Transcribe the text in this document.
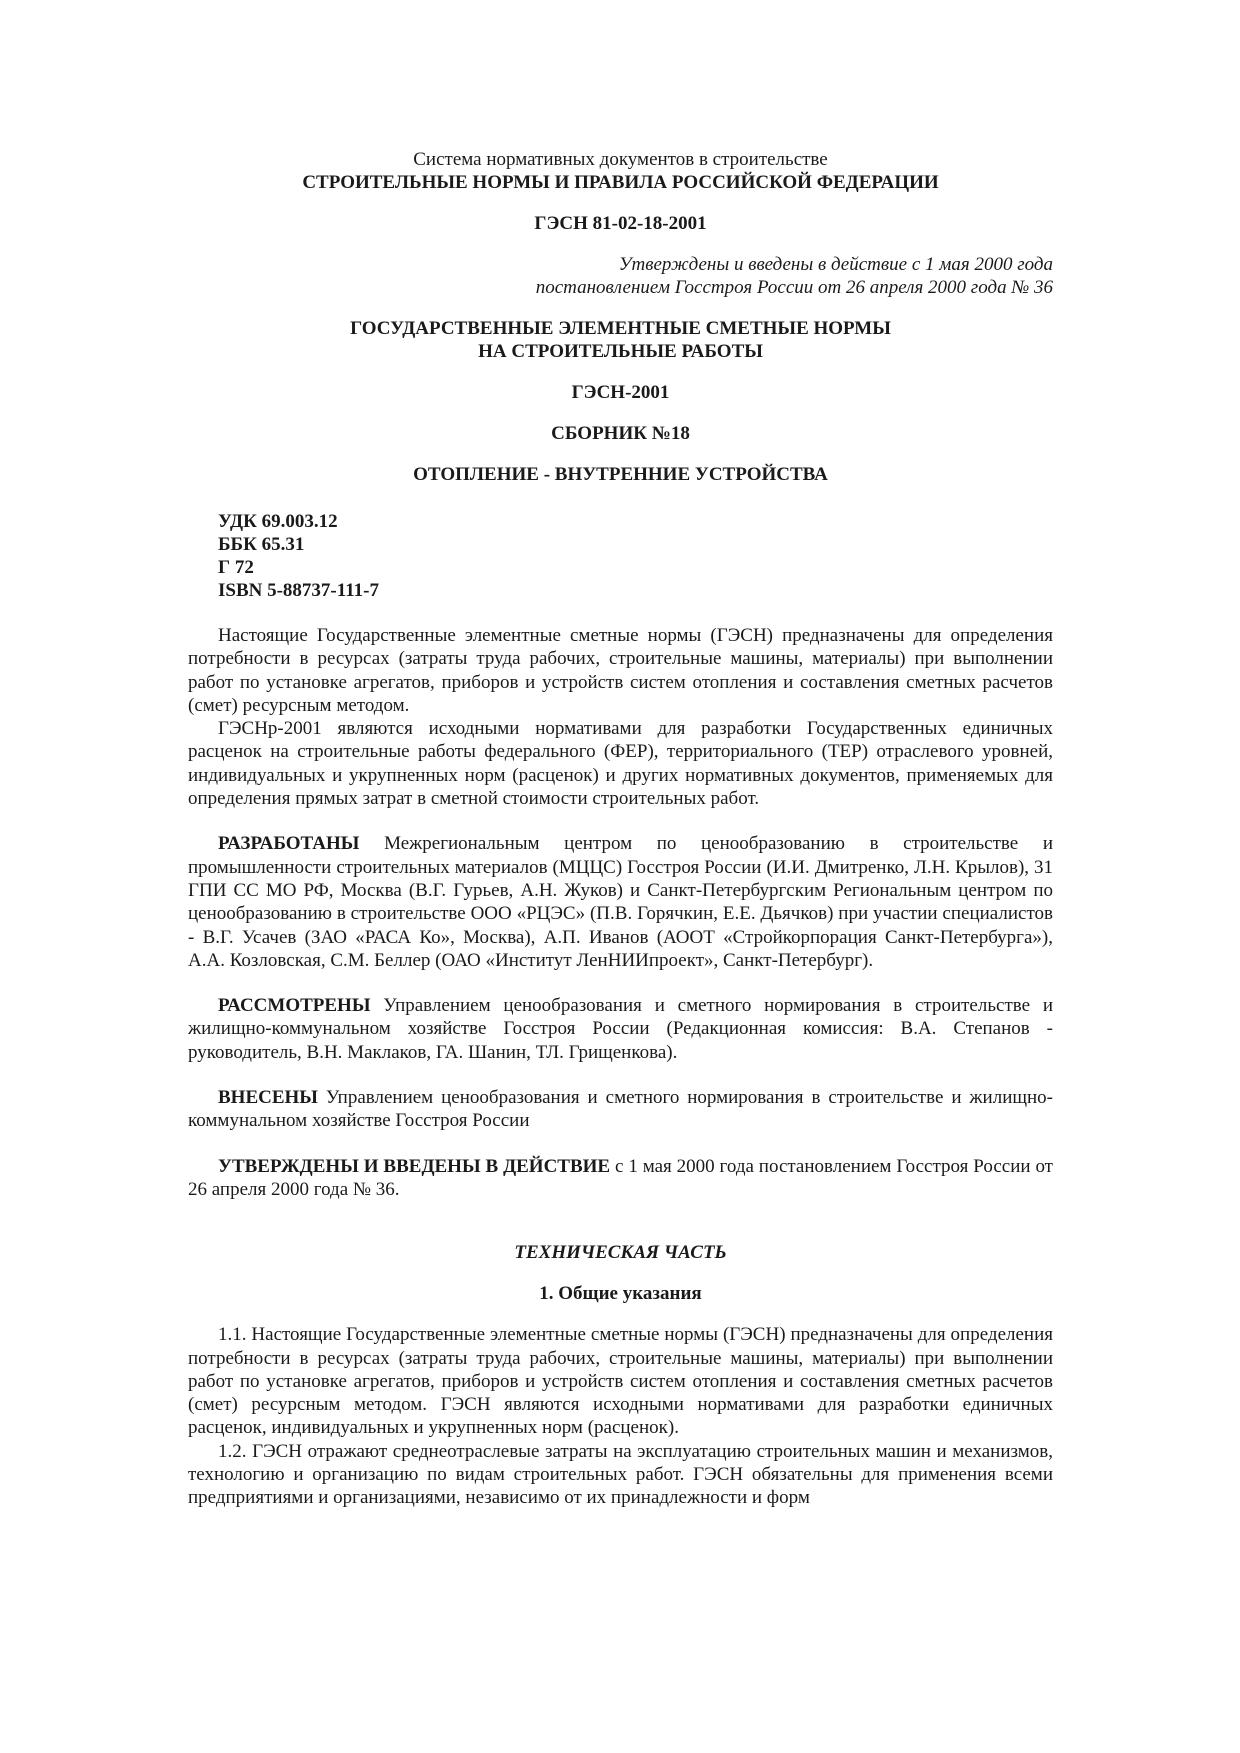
Система нормативных документов в строительстве

СТРОИТЕЛЬНЫЕ НОРМЫ И ПРАВИЛА РОССИЙСКОЙ ФЕДЕРАЦИИ

ГЭСН 81-02-18-2001

Утверждены и введены в действие с 1 мая 2000 года

постановлением Госстроя России от 26 апреля 2000 года № 36

ГОСУДАРСТВЕННЫЕ ЭЛЕМЕНТНЫЕ СМЕТНЫЕ НОРМЫ

НА СТРОИТЕЛЬНЫЕ РАБОТЫ

ГЭСН-2001

СБОРНИК №18

ОТОПЛЕНИЕ - ВНУТРЕННИЕ УСТРОЙСТВА

УДК 69.003.12
ББК 65.31
Г 72
ISBN 5-88737-111-7

Настоящие Государственные элементные сметные нормы (ГЭСН) предназначены для определения потребности в ресурсах (затраты труда рабочих, строительные машины, материалы) при выполнении работ по установке агрегатов, приборов и устройств систем отопления и составления сметных расчетов (смет) ресурсным методом.

ГЭСНр-2001 являются исходными нормативами для разработки Государственных единичных расценок на строительные работы федерального (ФЕР), территориального (ТЕР) отраслевого уровней, индивидуальных и укрупненных норм (расценок) и других нормативных документов, применяемых для определения прямых затрат в сметной стоимости строительных работ.

РАЗРАБОТАНЫ Межрегиональным центром по ценообразованию в строительстве и промышленности строительных материалов (МЦЦС) Госстроя России (И.И. Дмитренко, Л.Н. Крылов), 31 ГПИ СС МО РФ, Москва (В.Г. Гурьев, А.Н. Жуков) и Санкт-Петербургским Региональным центром по ценообразованию в строительстве ООО «РЦЭС» (П.В. Горячкин, Е.Е. Дьячков) при участии специалистов - В.Г. Усачев (ЗАО «РАСА Ко», Москва), А.П. Иванов (АООТ «Стройкорпорация Санкт-Петербурга»), А.А. Козловская, С.М. Беллер (ОАО «Институт ЛенНИИпроект», Санкт-Петербург).

РАССМОТРЕНЫ Управлением ценообразования и сметного нормирования в строительстве и жилищно-коммунальном хозяйстве Госстроя России (Редакционная комиссия: В.А. Степанов - руководитель, В.Н. Маклаков, ГА. Шанин, ТЛ. Грищенкова).

ВНЕСЕНЫ Управлением ценообразования и сметного нормирования в строительстве и жилищно-коммунальном хозяйстве Госстроя России

УТВЕРЖДЕНЫ И ВВЕДЕНЫ В ДЕЙСТВИЕ с 1 мая 2000 года постановлением Госстроя России от 26 апреля 2000 года № 36.

ТЕХНИЧЕСКАЯ ЧАСТЬ

1. Общие указания

1.1. Настоящие Государственные элементные сметные нормы (ГЭСН) предназначены для определения потребности в ресурсах (затраты труда рабочих, строительные машины, материалы) при выполнении работ по установке агрегатов, приборов и устройств систем отопления и составления сметных расчетов (смет) ресурсным методом. ГЭСН являются исходными нормативами для разработки единичных расценок, индивидуальных и укрупненных норм (расценок).

1.2. ГЭСН отражают среднеотраслевые затраты на эксплуатацию строительных машин и механизмов, технологию и организацию по видам строительных работ. ГЭСН обязательны для применения всеми предприятиями и организациями, независимо от их принадлежности и форм
